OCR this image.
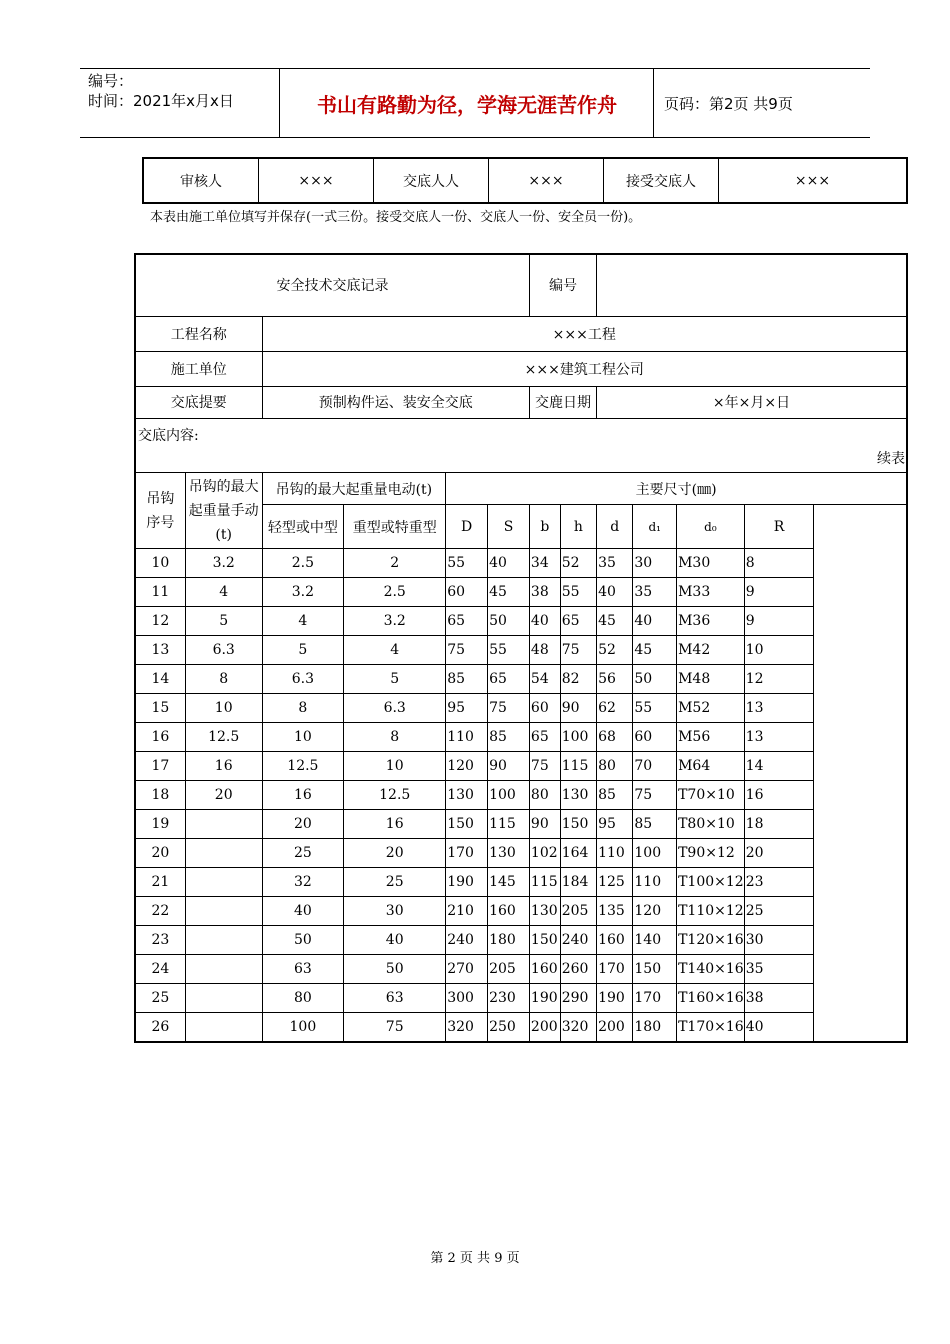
编号：
时间：2021年x月x日	书山有路勤为径，学海无涯苦作舟	页码：第2页 共9页
审核人	×××	交底人人	×××	接受交底人	×××
本表由施工单位填写并保存(一式三份。接受交底人一份、交底人一份、安全员一份)。
安全技术交底记录						编号					
工程名称		×××工程									
施工单位		×××建筑工程公司									
交底提要		预制构件运、装安全交底				交鹿日期		×年×月×日			
交底内容:											
续表											
吊钩序号	吊钩的最大起重量手动(t)	吊钩的最大起重量电动(t)		主要尺寸(㎜)							
		轻型或中型	重型或特重型	D	S	b	h	d	d₁	d₀	R
10	3.2	2.5	2	55	40	34	52	35	30	M30	8
11	4	3.2	2.5	60	45	38	55	40	35	M33	9
12	5	4	3.2	65	50	40	65	45	40	M36	9
13	6.3	5	4	75	55	48	75	52	45	M42	10
14	8	6.3	5	85	65	54	82	56	50	M48	12
15	10	8	6.3	95	75	60	90	62	55	M52	13
16	12.5	10	8	110	85	65	100	68	60	M56	13
17	16	12.5	10	120	90	75	115	80	70	M64	14
18	20	16	12.5	130	100	80	130	85	75	T70×10	16
19		20	16	150	115	90	150	95	85	T80×10	18
20		25	20	170	130	102	164	110	100	T90×12	20
21		32	25	190	145	115	184	125	110	T100×12	23
22		40	30	210	160	130	205	135	120	T110×12	25
23		50	40	240	180	150	240	160	140	T120×16	30
24		63	50	270	205	160	260	170	150	T140×16	35
25		80	63	300	230	190	290	190	170	T160×16	38
26		100	75	320	250	200	320	200	180	T170×16	40
第 2 页 共 9 页
